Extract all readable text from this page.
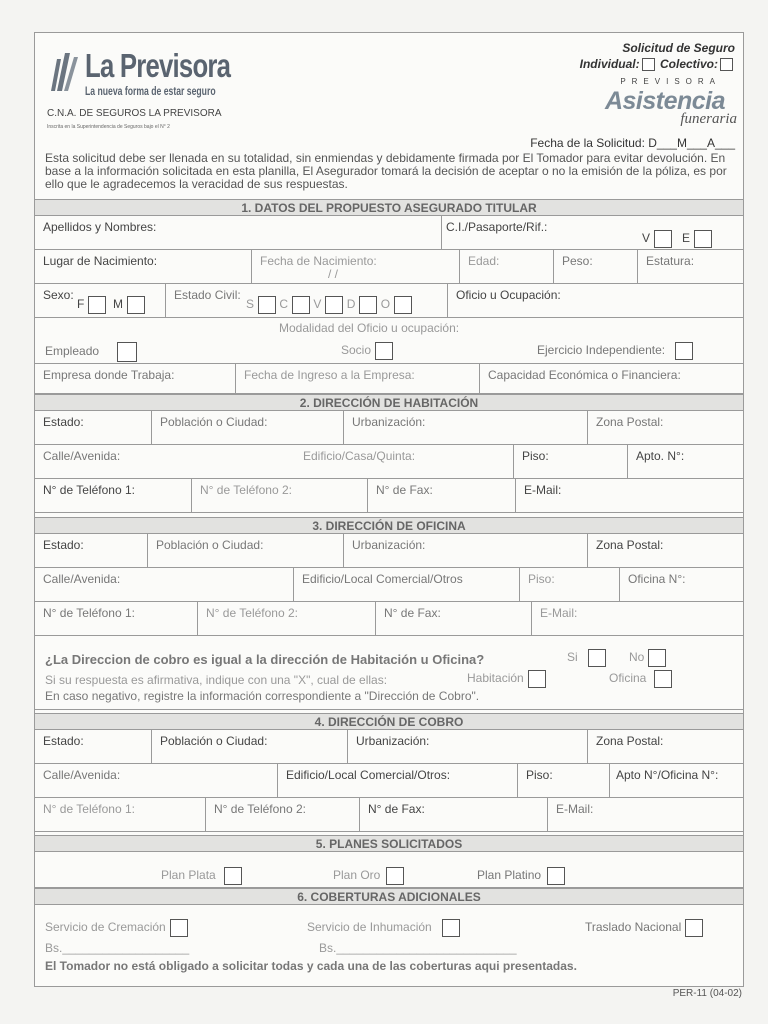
La Previsora
La nueva forma de estar seguro
C.N.A. DE SEGUROS LA PREVISORA
Inscrita en la Superintendencia de Seguros bajo el N° 2
Solicitud de Seguro
Individual: Colectivo:
PREVISORA
Asistencia
funeraria
Fecha de la Solicitud: D___M___A___
Esta solicitud debe ser llenada en su totalidad, sin enmiendas y debidamente firmada por El Tomador para evitar devolución. En base a la información solicitada en esta planilla, El Asegurador tomará la decisión de aceptar o no la emisión de la póliza, es por ello que le agradecemos la veracidad de sus respuestas.
1. DATOS DEL PROPUESTO ASEGURADO TITULAR
Apellidos y Nombres:	C.I./Pasaporte/Rif.:
V	E
Lugar de Nacimiento:	Fecha de Nacimiento:
/ /
Edad:	Peso:	Estatura:
Sexo:
F M
Estado Civil:
S C V D O
Oficio u Ocupación:
Modalidad del Oficio u ocupación:
Empleado	Socio	Ejercicio Independiente:
Empresa donde Trabaja:	Fecha de Ingreso a la Empresa:	Capacidad Económica o Financiera:
2. DIRECCIÓN DE HABITACIÓN
Estado:	Población o Ciudad:	Urbanización:	Zona Postal:
Calle/Avenida:	Edificio/Casa/Quinta:	Piso:	Apto. N°:
N° de Teléfono 1:	N° de Teléfono 2:	N° de Fax:	E-Mail:
3. DIRECCIÓN DE OFICINA
Estado:	Población o Ciudad:	Urbanización:	Zona Postal:
Calle/Avenida:	Edificio/Local Comercial/Otros	Piso:	Oficina N°:
N° de Teléfono 1:	N° de Teléfono 2:	N° de Fax:	E-Mail:
¿La Direccion de cobro es igual a la dirección de Habitación u Oficina?	Si	No
Si su respuesta es afirmativa, indique con una "X", cual de ellas:	Habitación	Oficina
En caso negativo, registre la información correspondiente a "Dirección de Cobro".
4. DIRECCIÓN DE COBRO
Estado:	Población o Ciudad:	Urbanización:	Zona Postal:
Calle/Avenida:	Edificio/Local Comercial/Otros:	Piso:	Apto N°/Oficina N°:
N° de Teléfono 1:	N° de Teléfono 2:	N° de Fax:	E-Mail:
5. PLANES SOLICITADOS
Plan Plata	Plan Oro	Plan Platino
6. COBERTURAS ADICIONALES
Servicio de Cremación	Servicio de Inhumación	Traslado Nacional
Bs.___________________	Bs.___________________________
El Tomador no está obligado a solicitar todas y cada una de las coberturas aqui presentadas.
PER-11 (04-02)
